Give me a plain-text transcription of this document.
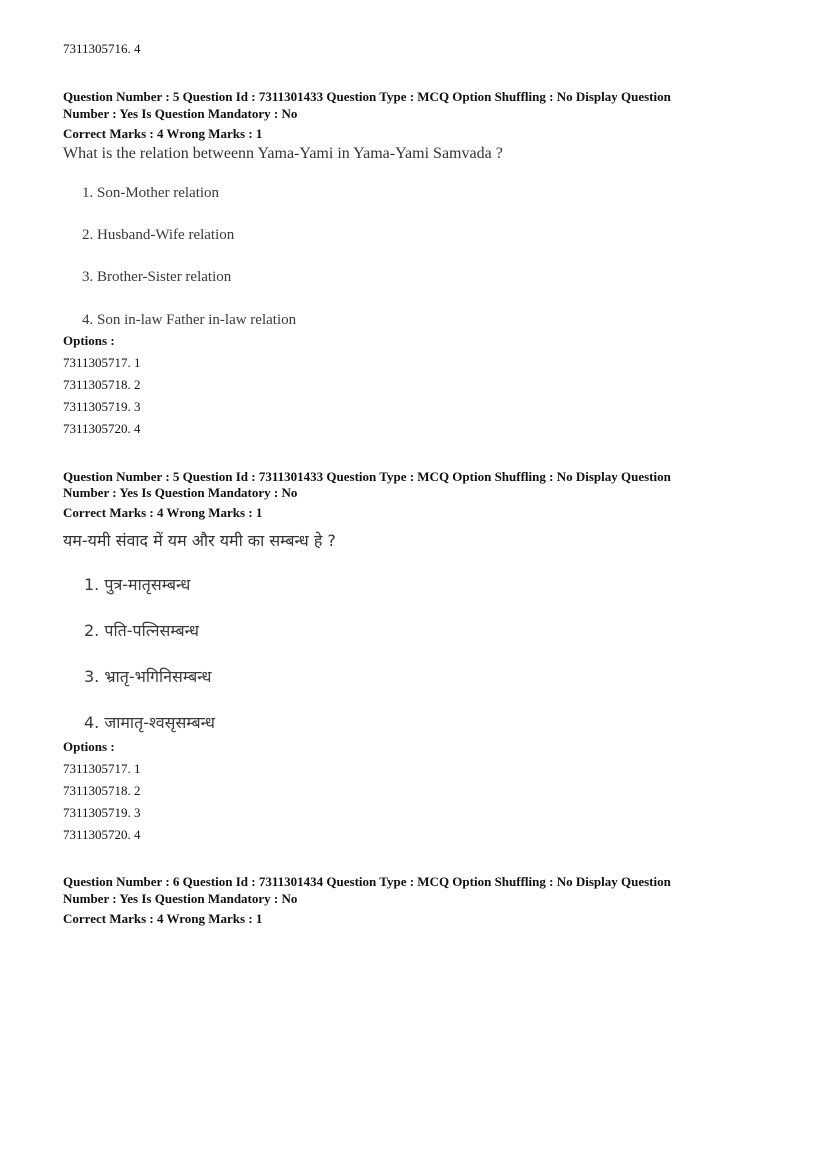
7311305716. 4
Question Number : 5 Question Id : 7311301433 Question Type : MCQ Option Shuffling : No Display Question
Number : Yes Is Question Mandatory : No
Correct Marks : 4 Wrong Marks : 1
What is the relation betweenn Yama-Yami in Yama-Yami Samvada ?
1. Son-Mother relation
2. Husband-Wife relation
3. Brother-Sister relation
4. Son in-law Father in-law relation
Options :
7311305717. 1
7311305718. 2
7311305719. 3
7311305720. 4
Question Number : 5 Question Id : 7311301433 Question Type : MCQ Option Shuffling : No Display Question
Number : Yes Is Question Mandatory : No
Correct Marks : 4 Wrong Marks : 1
यम-यमी संवाद में यम और यमी का सम्बन्ध हे ?
1. पुत्र-मातृसम्बन्ध
2. पति-पत्निसम्बन्ध
3. भ्रातृ-भगिनिसम्बन्ध
4. जामातृ-श्वसृसम्बन्ध
Options :
7311305717. 1
7311305718. 2
7311305719. 3
7311305720. 4
Question Number : 6 Question Id : 7311301434 Question Type : MCQ Option Shuffling : No Display Question
Number : Yes Is Question Mandatory : No
Correct Marks : 4 Wrong Marks : 1
